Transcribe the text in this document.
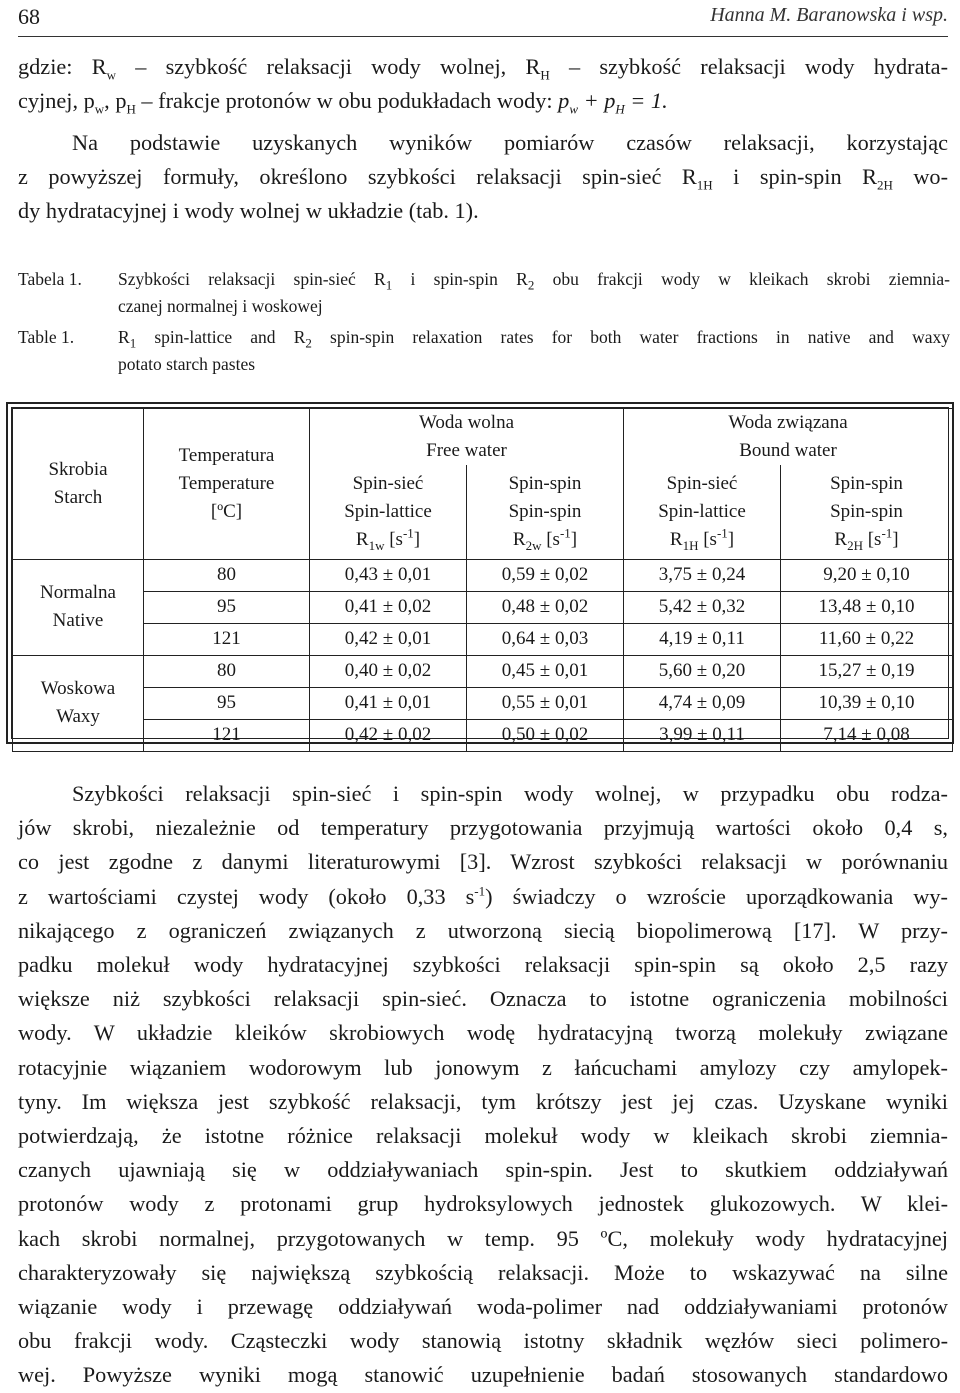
68	Hanna M. Baranowska i wsp.
gdzie: $R_w$ – szybkość relaksacji wody wolnej, $R_H$ – szybkość relaksacji wody hydrata-
cyjnej, $p_w$, $p_H$ – frakcje protonów w obu podukładach wody: $p_w + p_H = 1$.
Na podstawie uzyskanych wyników pomiarów czasów relaksacji, korzystając
z powyższej formuły, określono szybkości relaksacji spin-sieć $R_{1H}$ i spin-spin $R_{2H}$ wo-
dy hydratacyjnej i wody wolnej w układzie (tab. 1).
Tabela 1.	Szybkości relaksacji spin-sieć $R_1$ i spin-spin $R_2$ obu frakcji wody w kleikach skrobi ziemnia-
czanej normalnej i woskowej
Table 1.	$R_1$ spin-lattice and $R_2$ spin-spin relaxation rates for both water fractions in native and waxy
potato starch pastes
Skrobia
Starch	Temperatura
Temperature
[ºC]	Woda wolna
Free water		Woda związana
Bound water	
		Spin-sieć
Spin-lattice
$R_{1w}$ $[s^{-1}]$	Spin-spin
Spin-spin
$R_{2w}$ $[s^{-1}]$	Spin-sieć
Spin-lattice
$R_{1H}$ $[s^{-1}]$	Spin-spin
Spin-spin
$R_{2H}$ $[s^{-1}]$
Normalna
Native	80	0,43 ± 0,01	0,59 ± 0,02	3,75 ± 0,24	9,20 ± 0,10
	95	0,41 ± 0,02	0,48 ± 0,02	5,42 ± 0,32	13,48 ± 0,10
	121	0,42 ± 0,01	0,64 ± 0,03	4,19 ± 0,11	11,60 ± 0,22
Woskowa
Waxy	80	0,40 ± 0,02	0,45 ± 0,01	5,60 ± 0,20	15,27 ± 0,19
	95	0,41 ± 0,01	0,55 ± 0,01	4,74 ± 0,09	10,39 ± 0,10
	121	0,42 ± 0,02	0,50 ± 0,02	3,99 ± 0,11	7,14 ± 0,08
Szybkości relaksacji spin-sieć i spin-spin wody wolnej, w przypadku obu rodza-
jów skrobi, niezależnie od temperatury przygotowania przyjmują wartości około 0,4 s,
co jest zgodne z danymi literaturowymi [3]. Wzrost szybkości relaksacji w porównaniu
z wartościami czystej wody (około 0,33 $s^{-1}$) świadczy o wzroście uporządkowania wy-
nikającego z ograniczeń związanych z utworzoną siecią biopolimerową [17]. W przy-
padku molekuł wody hydratacyjnej szybkości relaksacji spin-spin są około 2,5 razy
większe niż szybkości relaksacji spin-sieć. Oznacza to istotne ograniczenia mobilności
wody. W układzie kleików skrobiowych wodę hydratacyjną tworzą molekuły związane
rotacyjnie wiązaniem wodorowym lub jonowym z łańcuchami amylozy czy amylopek-
tyny. Im większa jest szybkość relaksacji, tym krótszy jest jej czas. Uzyskane wyniki
potwierdzają, że istotne różnice relaksacji molekuł wody w kleikach skrobi ziemnia-
czanych ujawniają się w oddziaływaniach spin-spin. Jest to skutkiem oddziaływań
protonów wody z protonami grup hydroksylowych jednostek glukozowych. W klei-
kach skrobi normalnej, przygotowanych w temp. 95 ºC, molekuły wody hydratacyjnej
charakteryzowały się największą szybkością relaksacji. Może to wskazywać na silne
wiązanie wody i przewagę oddziaływań woda-polimer nad oddziaływaniami protonów
obu frakcji wody. Cząsteczki wody stanowią istotny składnik węzłów sieci polimero-
wej. Powyższe wyniki mogą stanowić uzupełnienie badań stosowanych standardowo
